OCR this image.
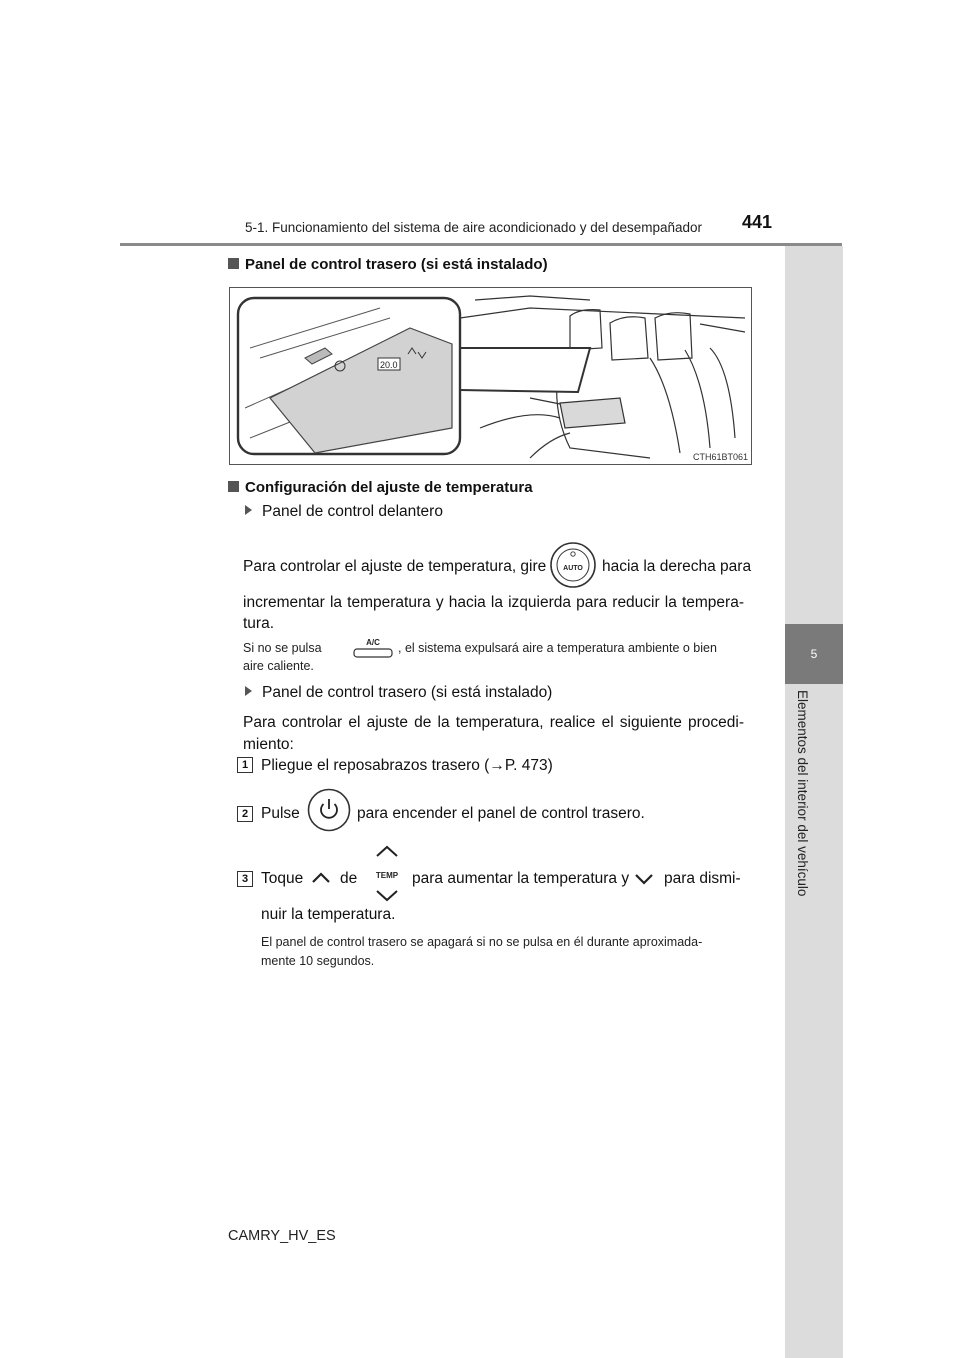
5-1. Funcionamiento del sistema de aire acondicionado y del desempañador 441
5
Elementos del interior del vehículo
Panel de control trasero (si está instalado)
20.0
CTH61BT061
Configuración del ajuste de temperatura
Panel de control delantero
Para controlar el ajuste de temperatura, gire AUTO hacia la derecha para
incrementar la temperatura y hacia la izquierda para reducir la tempera-
tura.
Si no se pulsa	A/C , el sistema expulsará aire a temperatura ambiente o bien
aire caliente.
Panel de control trasero (si está instalado)
Para controlar el ajuste de la temperatura, realice el siguiente procedi-
miento:
1 Pliegue el reposabrazos trasero (→P. 473)
2 Pulse	para encender el panel de control trasero.
3 Toque de TEMP para aumentar la temperatura y para dismi-
nuir la temperatura.
El panel de control trasero se apagará si no se pulsa en él durante aproximada-
mente 10 segundos.
CAMRY_HV_ES
